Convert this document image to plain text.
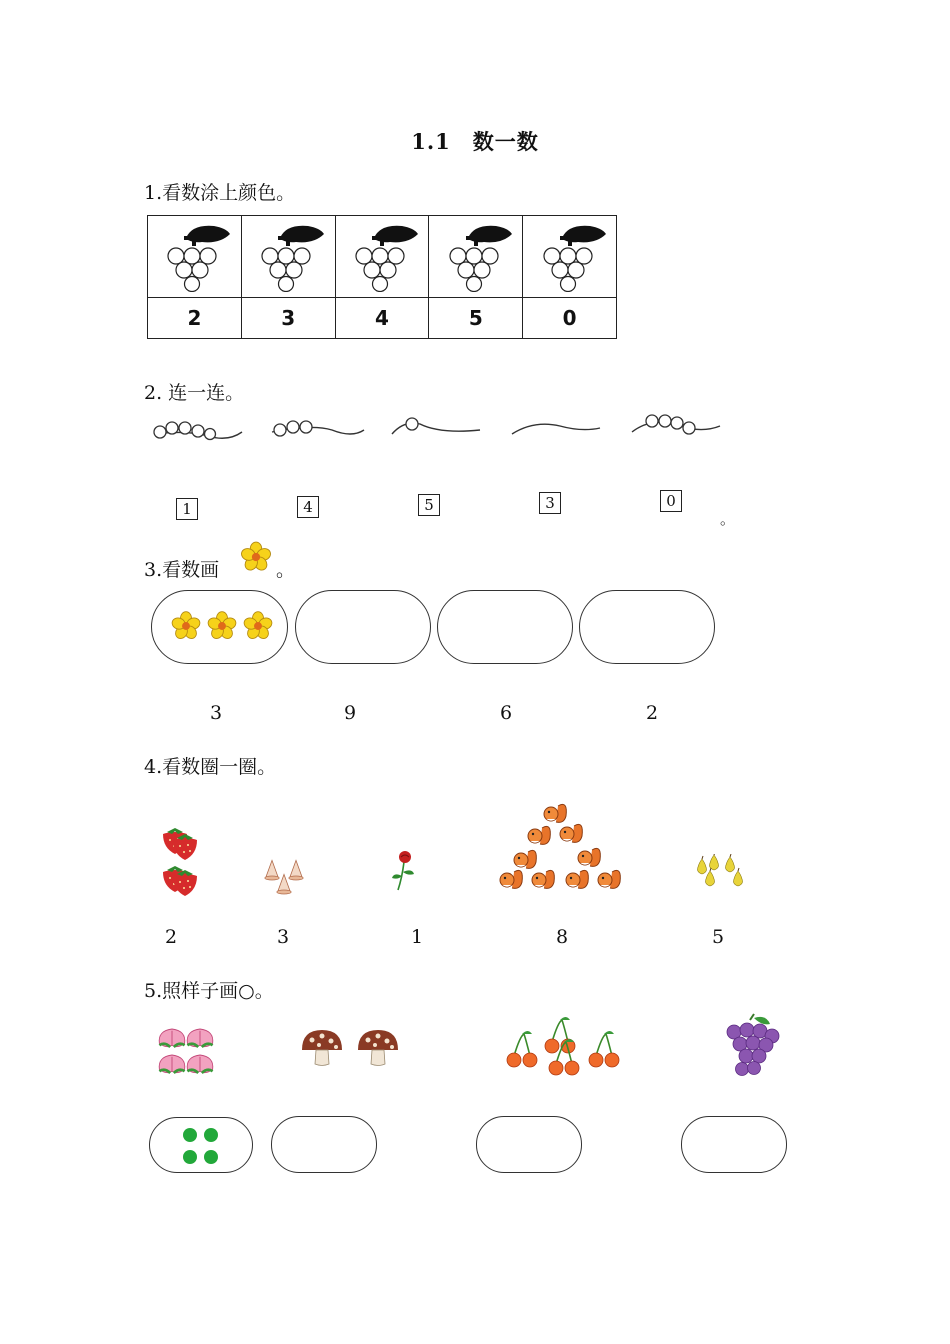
1.1　数一数
1.看数涂上颜色。

2	3	4	5	0
2. 连一连。
1	4	5	3	0
。
3.看数画	。
3	9	6	2
4.看数圈一圈。
2	3	1	8	5
5.照样子画○。
